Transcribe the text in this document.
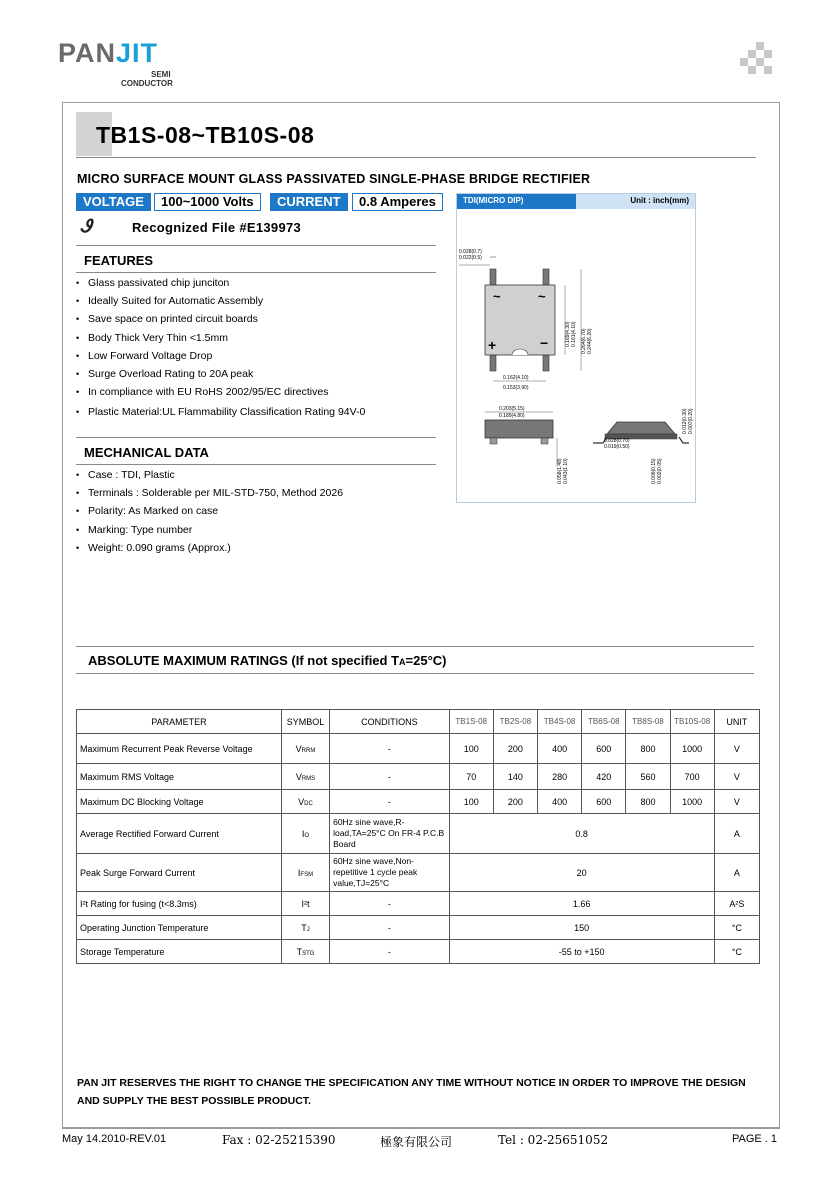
PANJIT
SEMI
CONDUCTOR
TB1S-08~TB10S-08
MICRO SURFACE MOUNT GLASS PASSIVATED SINGLE-PHASE BRIDGE RECTIFIER
VOLTAGE	100~1000 Volts	CURRENT	0.8 Amperes
Ꮽ	Recognized File #E139973
FEATURES
• Glass passivated chip junciton
• Ideally Suited for Automatic Assembly
• Save space on printed circuit boards
• Body Thick Very Thin <1.5mm
• Low Forward Voltage Drop
• Surge Overload Rating to 20A peak
• In compliance with EU RoHS 2002/95/EC directives
• Plastic Material:UL Flammability Classification Rating 94V-0
MECHANICAL DATA
• Case : TDI, Plastic
• Terminals : Solderable per MIL-STD-750, Method 2026
• Polarity: As Marked on case
• Marking: Type number
• Weight: 0.090 grams (Approx.)
TDI(MICRO DIP)	Unit : inch(mm)
~	~
+	−
0.028(0.7)
0.022(0.5)
0.169(4.30) 0.161(4.10) 0.264(6.70) 0.244(6.20)
0.162(4.10)
0.153(3.90)
0.203(5.15)
0.189(4.80)
0.058(1.48) 0.043(1.10)
0.028(0.70)
0.019(0.50)
0.006(0.15) 0.002(0.05)
0.012(0.30) 0.007(0.20)
ABSOLUTE MAXIMUM RATINGS (If not specified TA=25°C)
PARAMETER	SYMBOL	CONDITIONS	TB1S-08	TB2S-08	TB4S-08	TB6S-08	TB8S-08	TB10S-08	UNIT
Maximum Recurrent Peak Reverse Voltage	VRRM	-	100	200	400	600	800	1000	V
Maximum RMS Voltage	VRMS	-	70	140	280	420	560	700	V
Maximum DC Blocking Voltage	VDC	-	100	200	400	600	800	1000	V
Average Rectified Forward Current	IO	60Hz sine wave,R-load,TA=25°C On FR-4 P.C.B Board	0.8						A
Peak Surge Forward Current	IFSM	60Hz sine wave,Non-repetitive 1 cycle peak value,TJ=25°C	20						A
I²t Rating for fusing (t<8.3ms)	I²t	-	1.66						A²S
Operating Junction Temperature	TJ	-	150						°C
Storage Temperature	TSTG	-	-55 to +150						°C
PAN JIT RESERVES THE RIGHT TO CHANGE THE SPECIFICATION ANY TIME WITHOUT NOTICE IN ORDER TO IMPROVE THE DESIGN AND SUPPLY THE BEST POSSIBLE PRODUCT.
May 14.2010-REV.01	Fax : 02-25215390	極象有限公司	Tel : 02-25651052	PAGE . 1
